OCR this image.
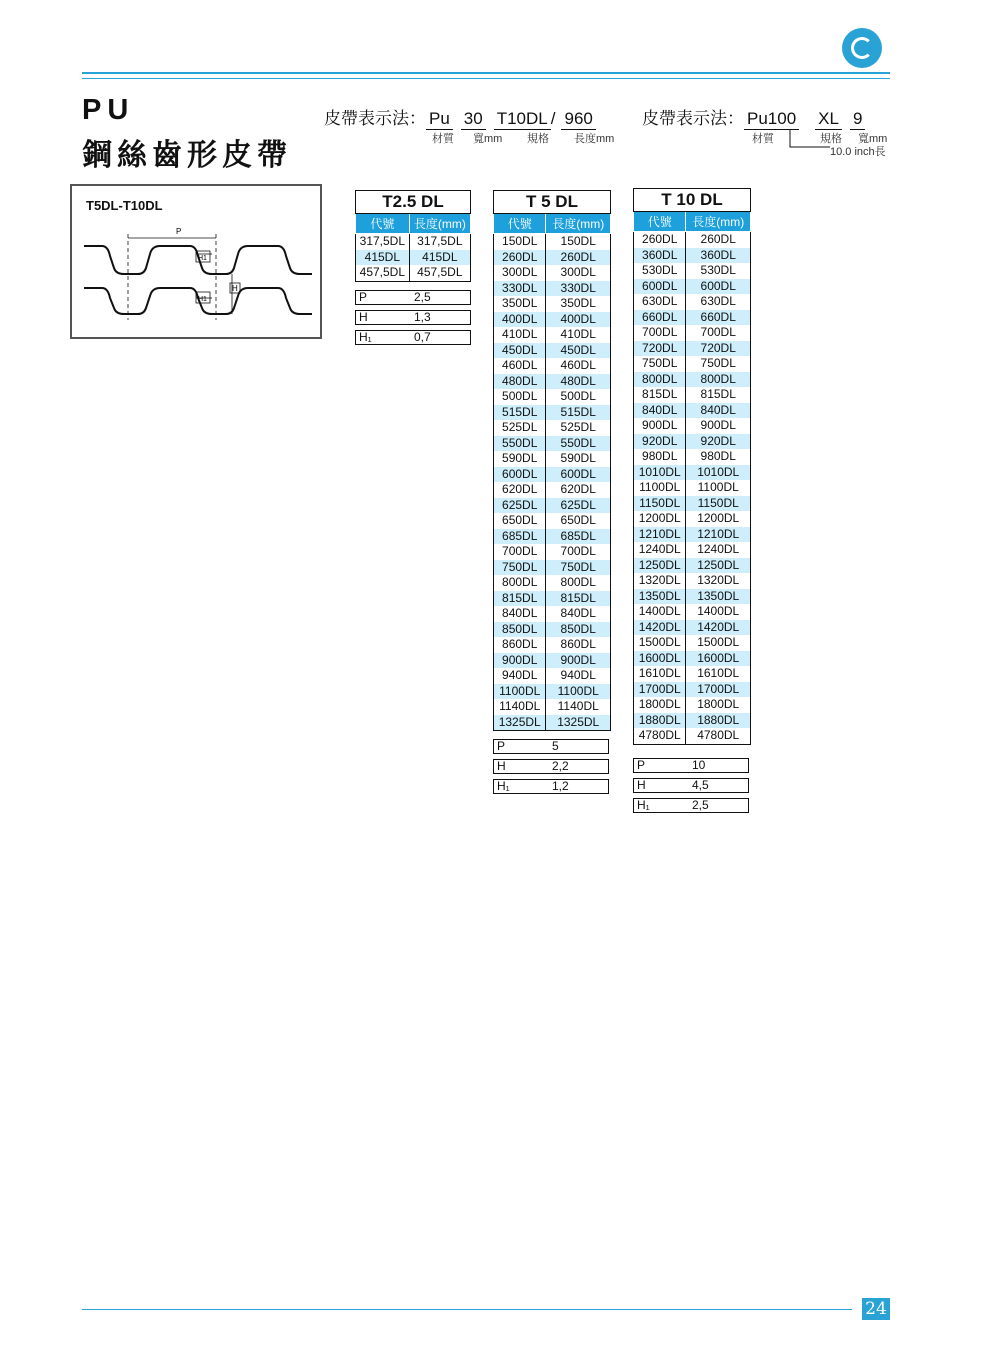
PU
鋼絲齒形皮帶
皮帶表示法： Pu 30 T10DL / 960
材質 寬mm 規格 長度mm
皮帶表示法： Pu100 XL 9
材質	規格 寬mm
10.0 inch長
T5DL-T10DL
P
H1
H1
H
T2.5 DL	
代號	長度(mm)
317,5DL	317,5DL
415DL	415DL
457,5DL	457,5DL
T 5 DL	
代號	長度(mm)
150DL	150DL
260DL	260DL
300DL	300DL
330DL	330DL
350DL	350DL
400DL	400DL
410DL	410DL
450DL	450DL
460DL	460DL
480DL	480DL
500DL	500DL
515DL	515DL
525DL	525DL
550DL	550DL
590DL	590DL
600DL	600DL
620DL	620DL
625DL	625DL
650DL	650DL
685DL	685DL
700DL	700DL
750DL	750DL
800DL	800DL
815DL	815DL
840DL	840DL
850DL	850DL
860DL	860DL
900DL	900DL
940DL	940DL
1100DL	1100DL
1140DL	1140DL
1325DL	1325DL
T 10 DL	
代號	長度(mm)
260DL	260DL
360DL	360DL
530DL	530DL
600DL	600DL
630DL	630DL
660DL	660DL
700DL	700DL
720DL	720DL
750DL	750DL
800DL	800DL
815DL	815DL
840DL	840DL
900DL	900DL
920DL	920DL
980DL	980DL
1010DL	1010DL
1100DL	1100DL
1150DL	1150DL
1200DL	1200DL
1210DL	1210DL
1240DL	1240DL
1250DL	1250DL
1320DL	1320DL
1350DL	1350DL
1400DL	1400DL
1420DL	1420DL
1500DL	1500DL
1600DL	1600DL
1610DL	1610DL
1700DL	1700DL
1800DL	1800DL
1880DL	1880DL
4780DL	4780DL
24
P	2,5
H	1,3
H₁	0,7
P	5
H	2,2
H₁	1,2
P	10
H	4,5
H₁	2,5
